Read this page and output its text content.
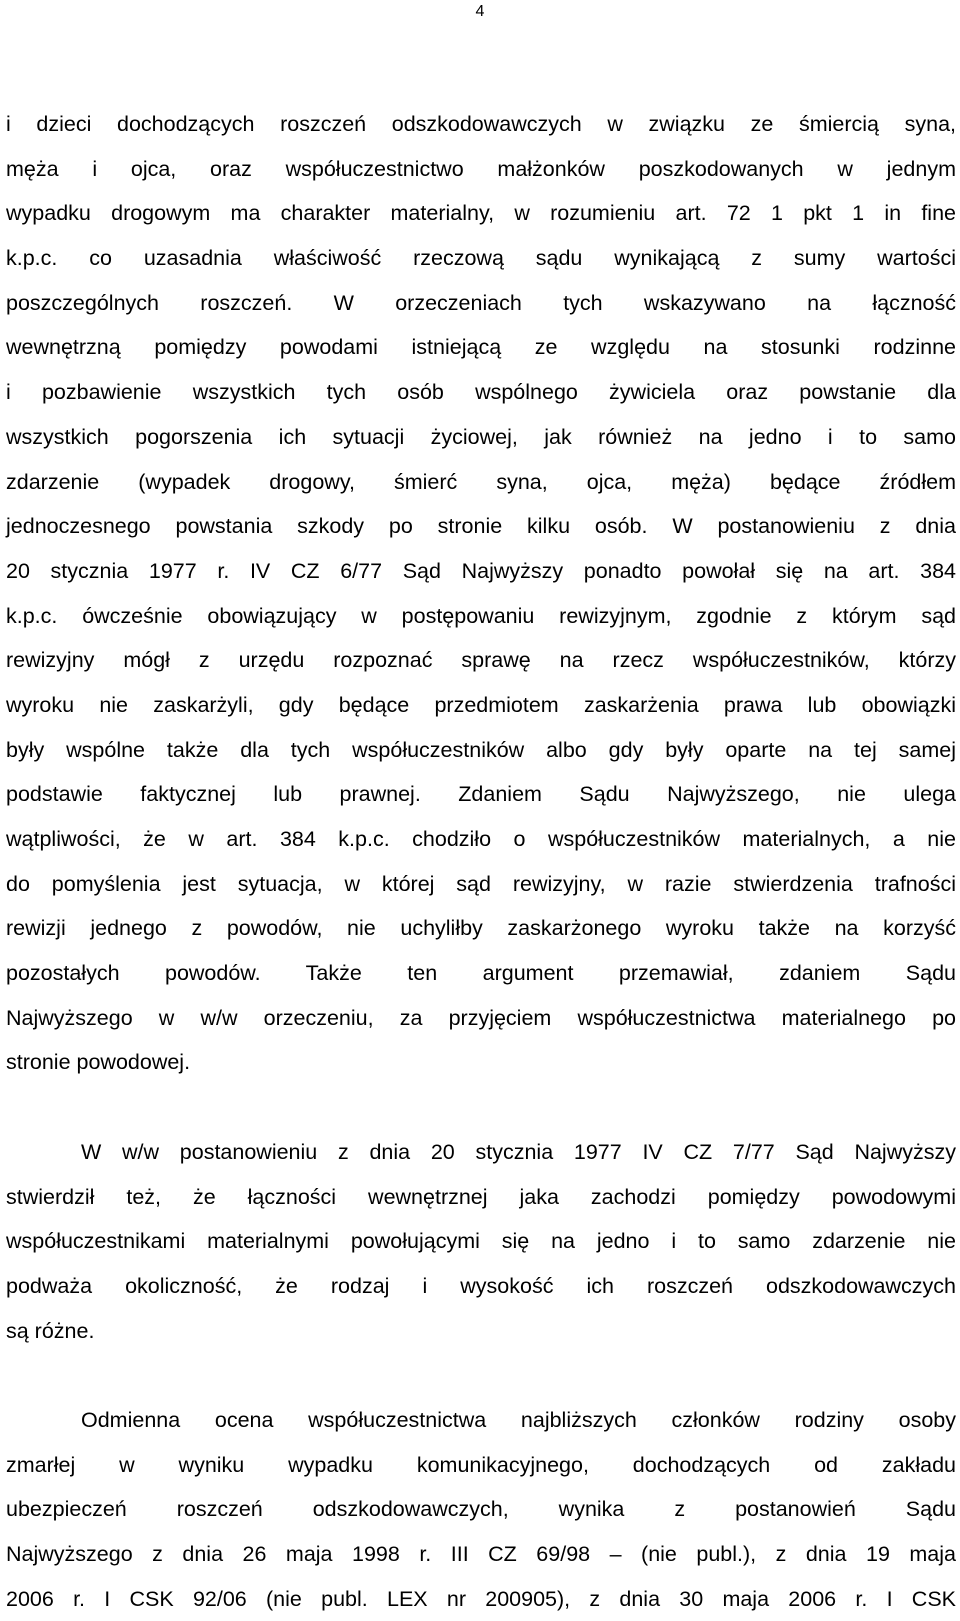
4
i dzieci dochodzących roszczeń odszkodowawczych w związku ze śmiercią syna,
męża i ojca, oraz współuczestnictwo małżonków poszkodowanych w jednym
wypadku drogowym ma charakter materialny, w rozumieniu art. 72 1 pkt 1 in fine
k.p.c. co uzasadnia właściwość rzeczową sądu wynikającą z sumy wartości
poszczególnych roszczeń. W orzeczeniach tych wskazywano na łączność
wewnętrzną pomiędzy powodami istniejącą ze względu na stosunki rodzinne
i pozbawienie wszystkich tych osób wspólnego żywiciela oraz powstanie dla
wszystkich pogorszenia ich sytuacji życiowej, jak również na jedno i to samo
zdarzenie (wypadek drogowy, śmierć syna, ojca, męża) będące źródłem
jednoczesnego powstania szkody po stronie kilku osób. W postanowieniu z dnia
20 stycznia 1977 r. IV CZ 6/77 Sąd Najwyższy ponadto powołał się na art. 384
k.p.c. ówcześnie obowiązujący w postępowaniu rewizyjnym, zgodnie z którym sąd
rewizyjny mógł z urzędu rozpoznać sprawę na rzecz współuczestników, którzy
wyroku nie zaskarżyli, gdy będące przedmiotem zaskarżenia prawa lub obowiązki
były wspólne także dla tych współuczestników albo gdy były oparte na tej samej
podstawie faktycznej lub prawnej. Zdaniem Sądu Najwyższego, nie ulega
wątpliwości, że w art. 384 k.p.c. chodziło o współuczestników materialnych, a nie
do pomyślenia jest sytuacja, w której sąd rewizyjny, w razie stwierdzenia trafności
rewizji jednego z powodów, nie uchyliłby zaskarżonego wyroku także na korzyść
pozostałych powodów. Także ten argument przemawiał, zdaniem Sądu
Najwyższego w w/w orzeczeniu, za przyjęciem współuczestnictwa materialnego po
stronie powodowej.
W w/w postanowieniu z dnia 20 stycznia 1977 IV CZ 7/77 Sąd Najwyższy
stwierdził też, że łączności wewnętrznej jaka zachodzi pomiędzy powodowymi
współuczestnikami materialnymi powołującymi się na jedno i to samo zdarzenie nie
podważa okoliczność, że rodzaj i wysokość ich roszczeń odszkodowawczych
są różne.
Odmienna ocena współuczestnictwa najbliższych członków rodziny osoby
zmarłej w wyniku wypadku komunikacyjnego, dochodzących od zakładu
ubezpieczeń roszczeń odszkodowawczych, wynika z postanowień Sądu
Najwyższego z dnia 26 maja 1998 r. III CZ 69/98 – (nie publ.), z dnia 19 maja
2006 r. I CSK 92/06 (nie publ. LEX nr 200905), z dnia 30 maja 2006 r. I CSK
